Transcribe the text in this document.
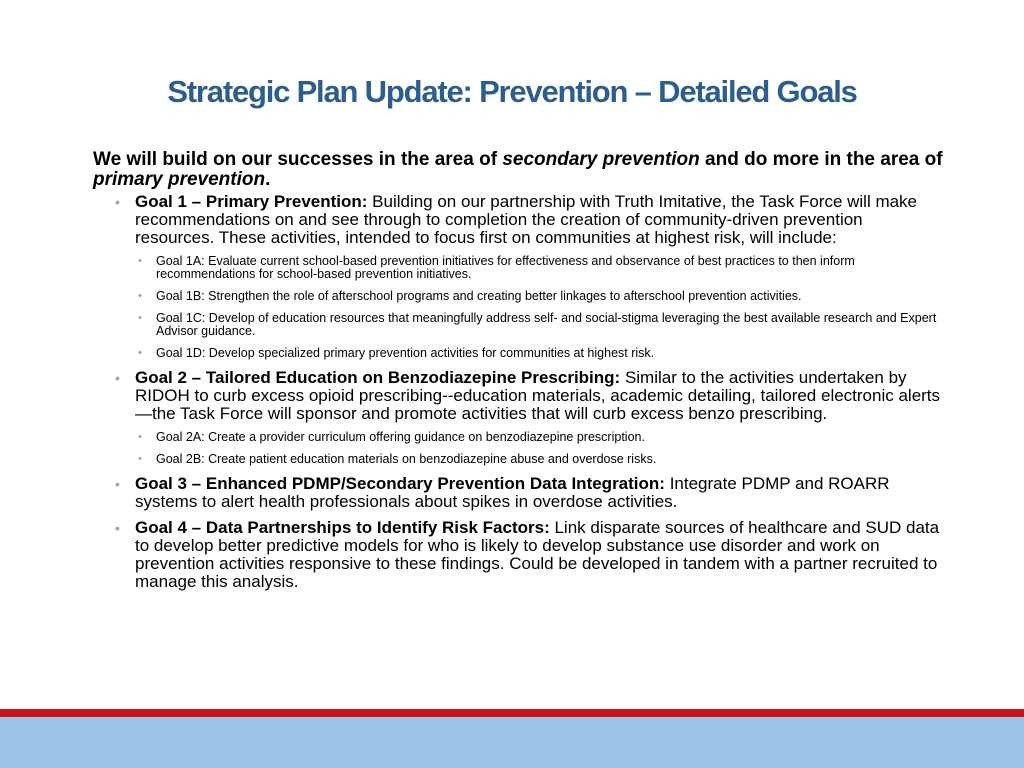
Strategic Plan Update: Prevention – Detailed Goals

We will build on our successes in the area of secondary prevention and do more in the area of primary prevention.

• Goal 1 – Primary Prevention: Building on our partnership with Truth Imitative, the Task Force will make recommendations on and see through to completion the creation of community-driven prevention resources. These activities, intended to focus first on communities at highest risk, will include:
• Goal 1A: Evaluate current school-based prevention initiatives for effectiveness and observance of best practices to then inform recommendations for school-based prevention initiatives.
• Goal 1B: Strengthen the role of afterschool programs and creating better linkages to afterschool prevention activities.
• Goal 1C: Develop of education resources that meaningfully address self- and social-stigma leveraging the best available research and Expert Advisor guidance.
• Goal 1D: Develop specialized primary prevention activities for communities at highest risk.
• Goal 2 – Tailored Education on Benzodiazepine Prescribing: Similar to the activities undertaken by RIDOH to curb excess opioid prescribing--education materials, academic detailing, tailored electronic alerts—the Task Force will sponsor and promote activities that will curb excess benzo prescribing.
• Goal 2A: Create a provider curriculum offering guidance on benzodiazepine prescription.
• Goal 2B: Create patient education materials on benzodiazepine abuse and overdose risks.
• Goal 3 – Enhanced PDMP/Secondary Prevention Data Integration: Integrate PDMP and ROARR systems to alert health professionals about spikes in overdose activities.
• Goal 4 – Data Partnerships to Identify Risk Factors: Link disparate sources of healthcare and SUD data to develop better predictive models for who is likely to develop substance use disorder and work on prevention activities responsive to these findings. Could be developed in tandem with a partner recruited to manage this analysis.
